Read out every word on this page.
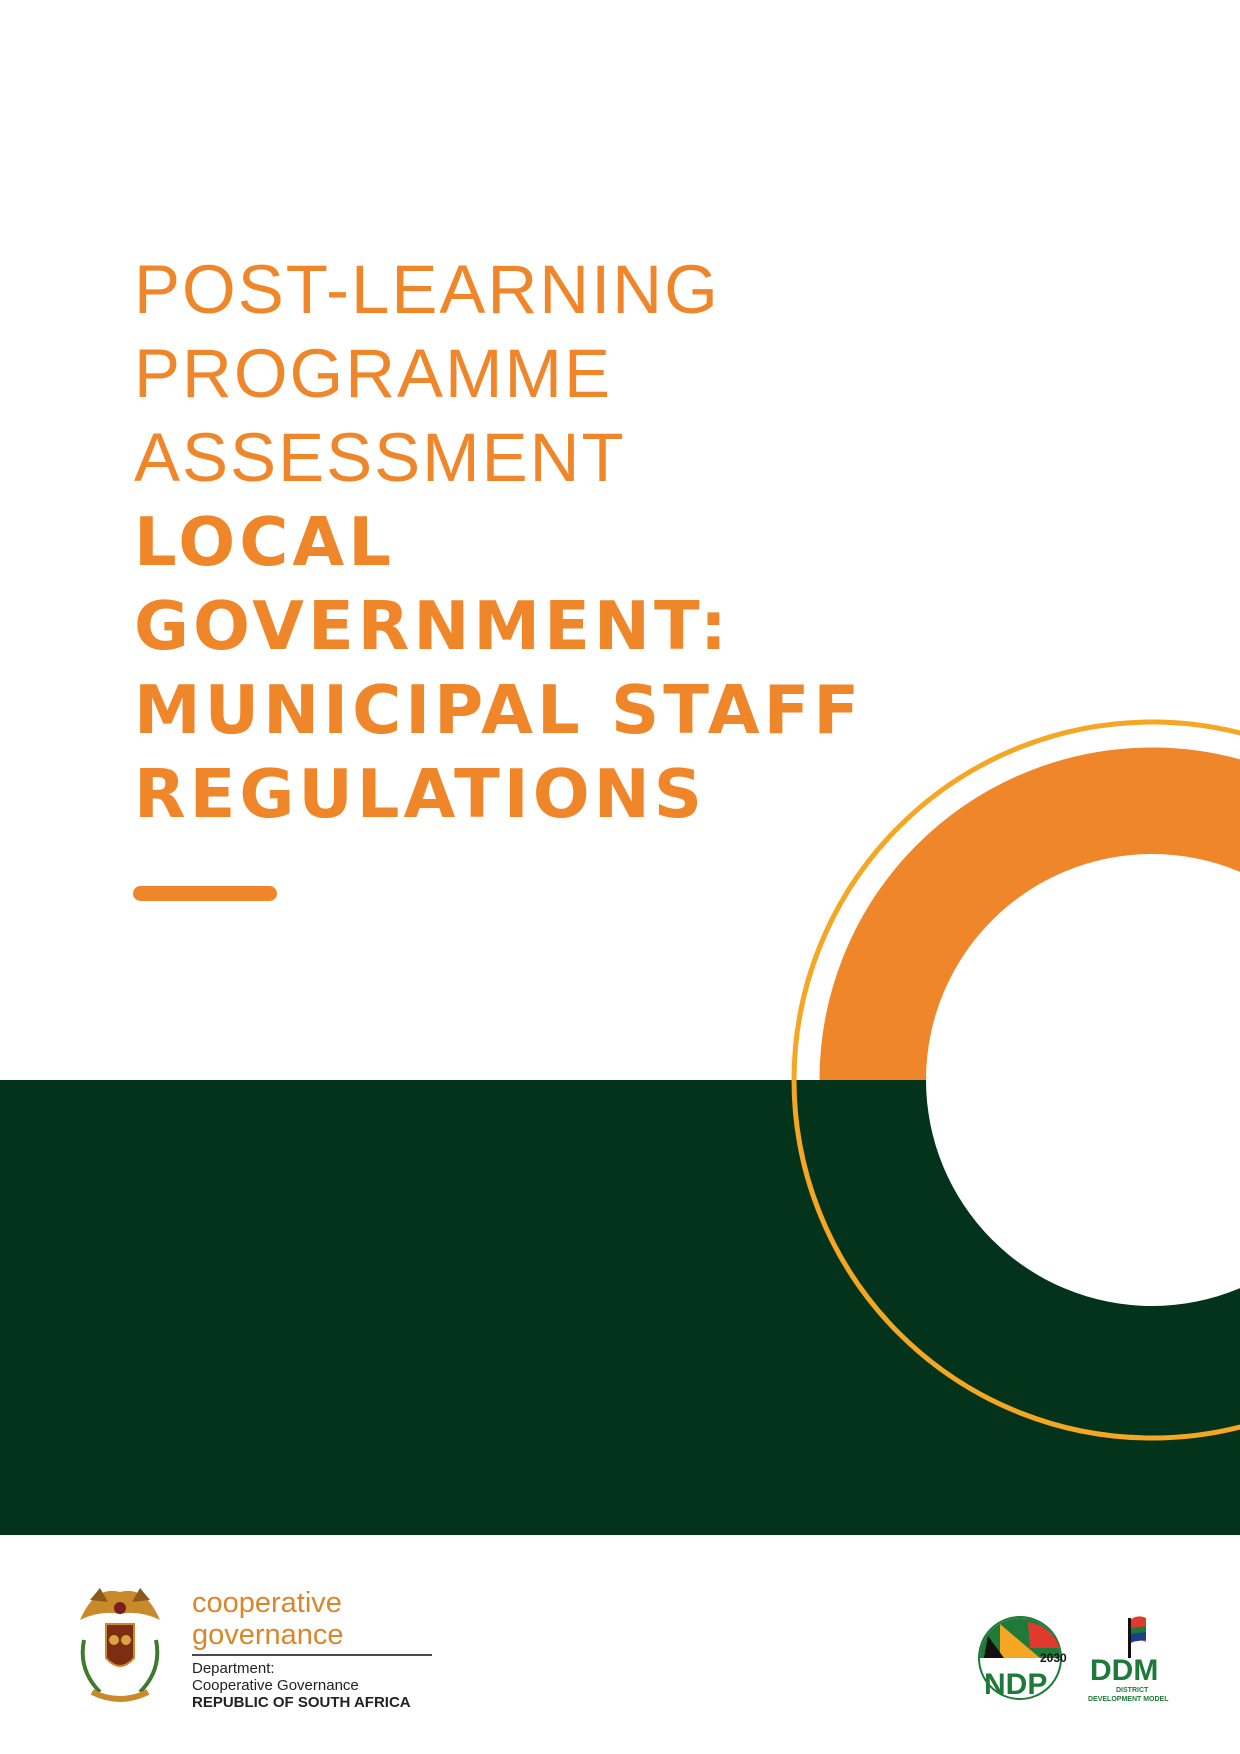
POST-LEARNING

PROGRAMME

ASSESSMENT

LOCAL

GOVERNMENT:

MUNICIPAL STAFF

REGULATIONS

cooperative
governance
Department:
Cooperative Governance
REPUBLIC OF SOUTH AFRICA
2030
NDP DDM
DISTRICT
DEVELOPMENT MODEL
